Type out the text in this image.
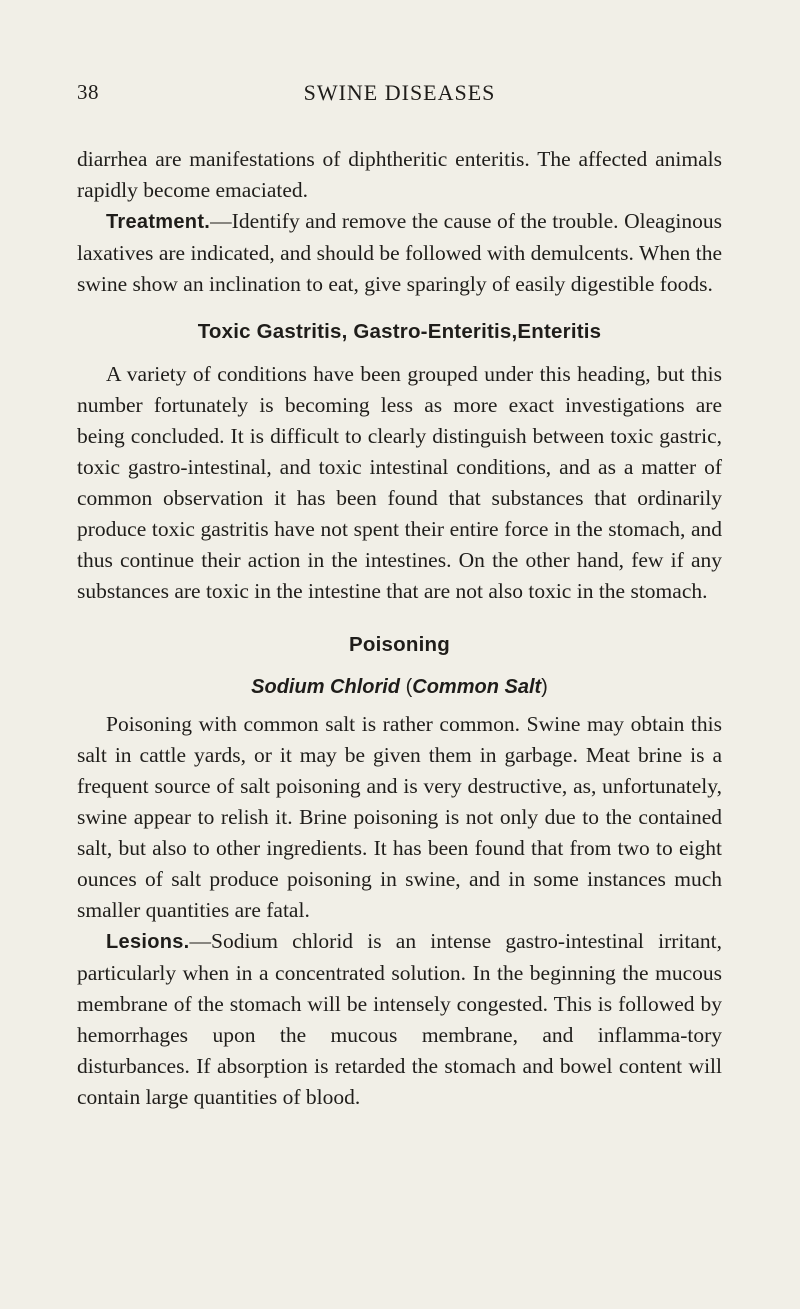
38	SWINE DISEASES

diarrhea are manifestations of diphtheritic enteritis. The affected animals rapidly become emaciated.

Treatment.—Identify and remove the cause of the trouble. Oleaginous laxatives are indicated, and should be followed with demulcents. When the swine show an inclination to eat, give sparingly of easily digestible foods.

Toxic Gastritis, Gastro-Enteritis,Enteritis

A variety of conditions have been grouped under this heading, but this number fortunately is becoming less as more exact investigations are being concluded. It is difficult to clearly distinguish between toxic gastric, toxic gastro-intestinal, and toxic intestinal conditions, and as a matter of common observation it has been found that substances that ordinarily produce toxic gastritis have not spent their entire force in the stomach, and thus continue their action in the intestines. On the other hand, few if any substances are toxic in the intestine that are not also toxic in the stomach.

Poisoning
Sodium Chlorid (Common Salt)

Poisoning with common salt is rather common. Swine may obtain this salt in cattle yards, or it may be given them in garbage. Meat brine is a frequent source of salt poisoning and is very destructive, as, unfortunately, swine appear to relish it. Brine poisoning is not only due to the contained salt, but also to other ingredients. It has been found that from two to eight ounces of salt produce poisoning in swine, and in some instances much smaller quantities are fatal.

Lesions.—Sodium chlorid is an intense gastro-intestinal irritant, particularly when in a concentrated solution. In the beginning the mucous membrane of the stomach will be intensely congested. This is followed by hemorrhages upon the mucous membrane, and inflamma-tory disturbances. If absorption is retarded the stomach and bowel content will contain large quantities of blood.
